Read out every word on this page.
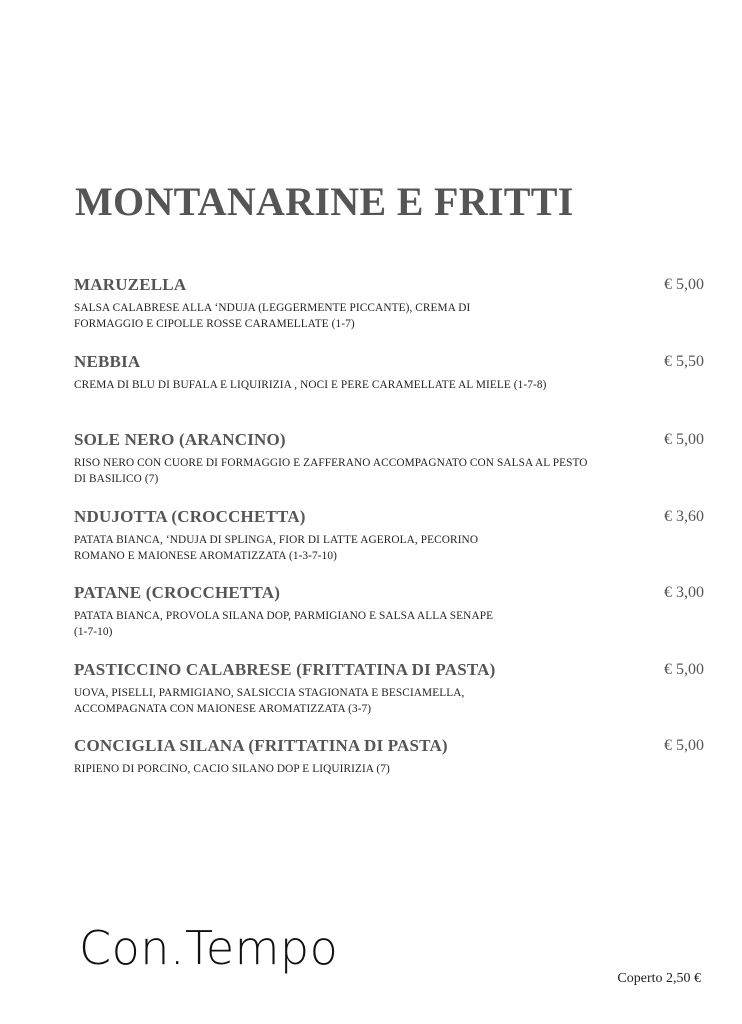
MONTANARINE E FRITTI
MARUZELLA	€ 5,00
SALSA CALABRESE ALLA ‘NDUJA (LEGGERMENTE PICCANTE), CREMA DI FORMAGGIO E CIPOLLE ROSSE CARAMELLATE (1-7)
NEBBIA	€ 5,50
CREMA DI BLU DI BUFALA E LIQUIRIZIA , NOCI E PERE CARAMELLATE AL MIELE (1-7-8)
SOLE NERO (ARANCINO)	€ 5,00
RISO NERO CON CUORE DI FORMAGGIO E ZAFFERANO ACCOMPAGNATO CON SALSA AL PESTO DI BASILICO (7)
NDUJOTTA (CROCCHETTA)	€ 3,60
PATATA BIANCA, ‘NDUJA DI SPLINGA, FIOR DI LATTE AGEROLA, PECORINO ROMANO E MAIONESE AROMATIZZATA (1-3-7-10)
PATANE (CROCCHETTA)	€ 3,00
PATATA BIANCA, PROVOLA SILANA DOP, PARMIGIANO E SALSA ALLA SENAPE (1-7-10)
PASTICCINO CALABRESE (FRITTATINA DI PASTA)	€ 5,00
UOVA, PISELLI, PARMIGIANO, SALSICCIA STAGIONATA E BESCIAMELLA, ACCOMPAGNATA CON MAIONESE AROMATIZZATA (3-7)
CONCIGLIA SILANA (FRITTATINA DI PASTA)	€ 5,00
RIPIENO DI PORCINO, CACIO SILANO DOP E LIQUIRIZIA (7)
Con.Tempo
Coperto 2,50 €
